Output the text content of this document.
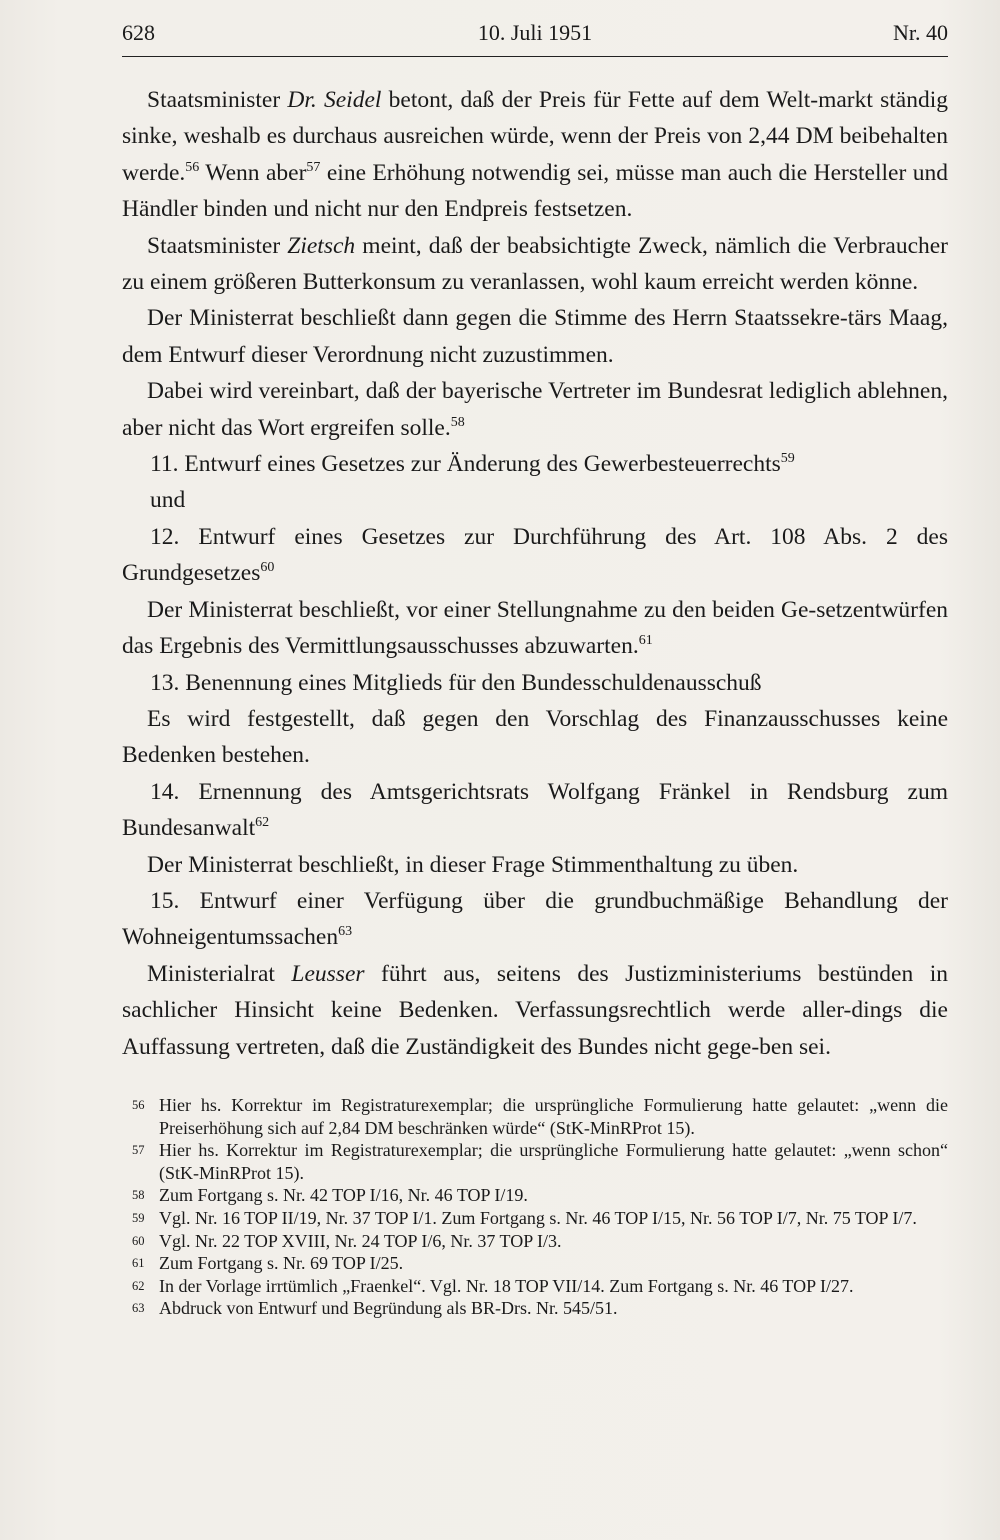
628	10. Juli 1951	Nr. 40

Staatsminister Dr. Seidel betont, daß der Preis für Fette auf dem Welt-markt ständig sinke, weshalb es durchaus ausreichen würde, wenn der Preis von 2,44 DM beibehalten werde.$^{56}$ Wenn aber$^{57}$ eine Erhöhung notwendig sei, müsse man auch die Hersteller und Händler binden und nicht nur den Endpreis festsetzen.

Staatsminister Zietsch meint, daß der beabsichtigte Zweck, nämlich die Verbraucher zu einem größeren Butterkonsum zu veranlassen, wohl kaum erreicht werden könne.

Der Ministerrat beschließt dann gegen die Stimme des Herrn Staatssekre-tärs Maag, dem Entwurf dieser Verordnung nicht zuzustimmen.

Dabei wird vereinbart, daß der bayerische Vertreter im Bundesrat lediglich ablehnen, aber nicht das Wort ergreifen solle.$^{58}$

11. Entwurf eines Gesetzes zur Änderung des Gewerbesteuerrechts$^{59}$

und

12. Entwurf eines Gesetzes zur Durchführung des Art. 108 Abs. 2 des Grundgesetzes$^{60}$

Der Ministerrat beschließt, vor einer Stellungnahme zu den beiden Ge-setzentwürfen das Ergebnis des Vermittlungsausschusses abzuwarten.$^{61}$

13. Benennung eines Mitglieds für den Bundesschuldenausschuß

Es wird festgestellt, daß gegen den Vorschlag des Finanzausschusses keine Bedenken bestehen.

14. Ernennung des Amtsgerichtsrats Wolfgang Fränkel in Rendsburg zum Bundesanwalt$^{62}$

Der Ministerrat beschließt, in dieser Frage Stimmenthaltung zu üben.

15. Entwurf einer Verfügung über die grundbuchmäßige Behandlung der Wohneigentumssachen$^{63}$

Ministerialrat Leusser führt aus, seitens des Justizministeriums bestünden in sachlicher Hinsicht keine Bedenken. Verfassungsrechtlich werde aller-dings die Auffassung vertreten, daß die Zuständigkeit des Bundes nicht gege-ben sei.

56 Hier hs. Korrektur im Registraturexemplar; die ursprüngliche Formulierung hatte gelautet: „wenn die Preiserhöhung sich auf 2,84 DM beschränken würde“ (StK-MinRProt 15).

57 Hier hs. Korrektur im Registraturexemplar; die ursprüngliche Formulierung hatte gelautet: „wenn schon“ (StK-MinRProt 15).

58 Zum Fortgang s. Nr. 42 TOP I/16, Nr. 46 TOP I/19.

59 Vgl. Nr. 16 TOP II/19, Nr. 37 TOP I/1. Zum Fortgang s. Nr. 46 TOP I/15, Nr. 56 TOP I/7, Nr. 75 TOP I/7.

60 Vgl. Nr. 22 TOP XVIII, Nr. 24 TOP I/6, Nr. 37 TOP I/3.

61 Zum Fortgang s. Nr. 69 TOP I/25.

62 In der Vorlage irrtümlich „Fraenkel“. Vgl. Nr. 18 TOP VII/14. Zum Fortgang s. Nr. 46 TOP I/27.

63 Abdruck von Entwurf und Begründung als BR-Drs. Nr. 545/51.
